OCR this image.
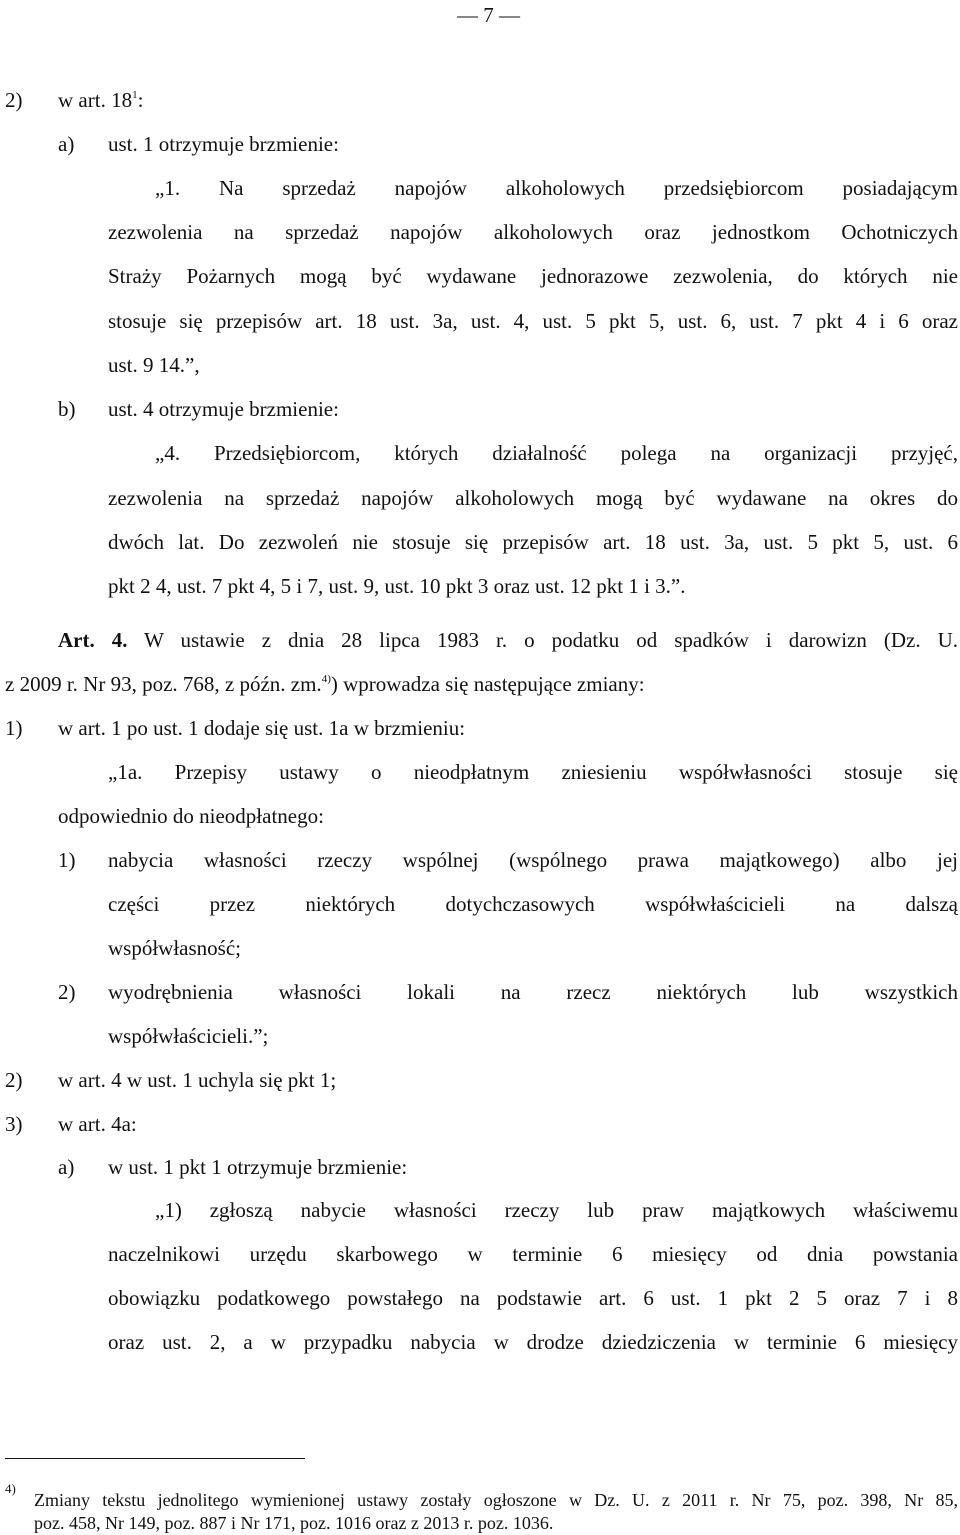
— 7 —
2) w art. $18^1$:
a) ust. 1 otrzymuje brzmienie:
„1. Na sprzedaż napojów alkoholowych przedsiębiorcom posiadającym
zezwolenia na sprzedaż napojów alkoholowych oraz jednostkom Ochotniczych
Straży Pożarnych mogą być wydawane jednorazowe zezwolenia, do których nie
stosuje się przepisów art. 18 ust. 3a, ust. 4, ust. 5 pkt 5, ust. 6, ust. 7 pkt 4 i 6 oraz
ust. 9 14.”,
b) ust. 4 otrzymuje brzmienie:
„4. Przedsiębiorcom, których działalność polega na organizacji przyjęć,
zezwolenia na sprzedaż napojów alkoholowych mogą być wydawane na okres do
dwóch lat. Do zezwoleń nie stosuje się przepisów art. 18 ust. 3a, ust. 5 pkt 5, ust. 6
pkt 2 4, ust. 7 pkt 4, 5 i 7, ust. 9, ust. 10 pkt 3 oraz ust. 12 pkt 1 i 3.”.
Art. 4. W ustawie z dnia 28 lipca 1983 r. o podatku od spadków i darowizn (Dz. U.
z 2009 r. Nr 93, poz. 768, z późn. zm.$^{4)}$) wprowadza się następujące zmiany:
1) w art. 1 po ust. 1 dodaje się ust. 1a w brzmieniu:
„1a. Przepisy ustawy o nieodpłatnym zniesieniu współwłasności stosuje się
odpowiednio do nieodpłatnego:
1) nabycia własności rzeczy wspólnej (wspólnego prawa majątkowego) albo jej
części przez niektórych dotychczasowych współwłaścicieli na dalszą
współwłasność;
2) wyodrębnienia własności lokali na rzecz niektórych lub wszystkich
współwłaścicieli.”;
2) w art. 4 w ust. 1 uchyla się pkt 1;
3) w art. 4a:
a) w ust. 1 pkt 1 otrzymuje brzmienie:
„1) zgłoszą nabycie własności rzeczy lub praw majątkowych właściwemu
naczelnikowi urzędu skarbowego w terminie 6 miesięcy od dnia powstania
obowiązku podatkowego powstałego na podstawie art. 6 ust. 1 pkt 2 5 oraz 7 i 8
oraz ust. 2, a w przypadku nabycia w drodze dziedziczenia w terminie 6 miesięcy
4)
Zmiany tekstu jednolitego wymienionej ustawy zostały ogłoszone w Dz. U. z 2011 r. Nr 75, poz. 398, Nr 85,
poz. 458, Nr 149, poz. 887 i Nr 171, poz. 1016 oraz z 2013 r. poz. 1036.
